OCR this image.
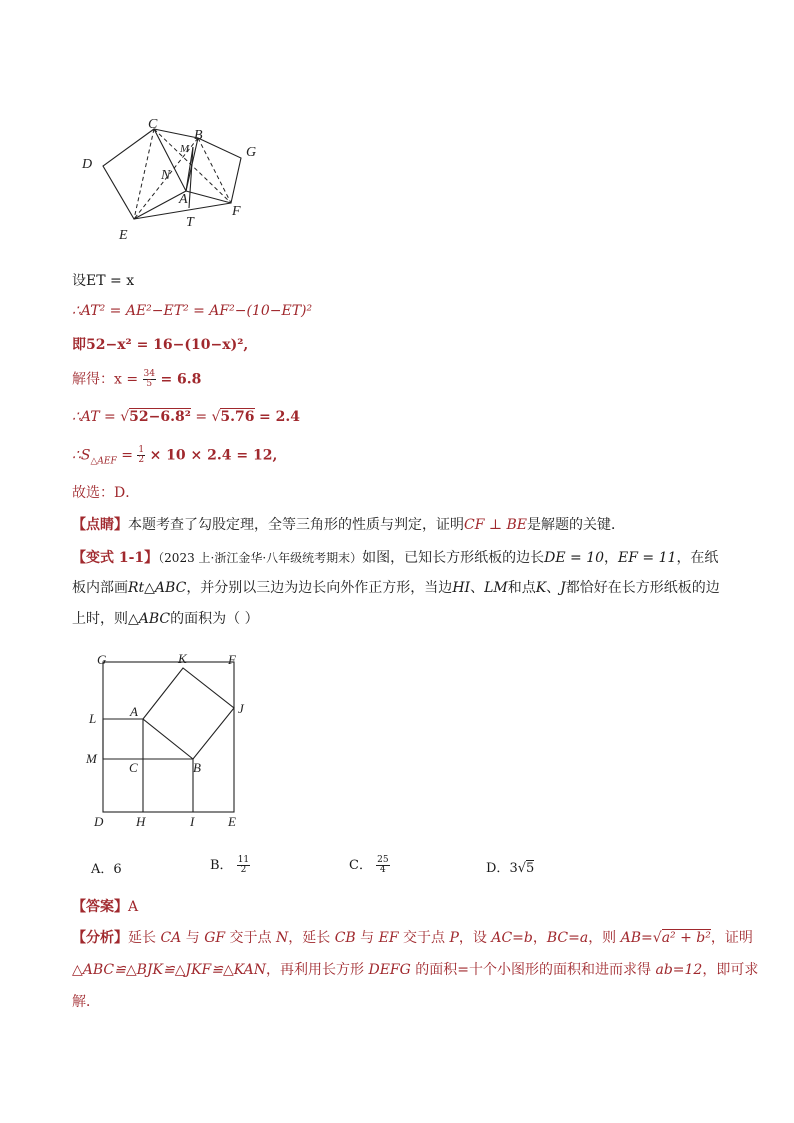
C
B
G
D
M
N
A
F
T
E
设ET = x
∴AT² = AE²−ET² = AF²−(10−ET)²
即52−x² = 16−(10−x)²,
解得：$x = \frac{34}{5} = 6.8$
∴AT = √52−6.8² = √5.76 = 2.4
$\therefore S_{\triangle AEF} = \frac{1}{2} \times 10 \times 2.4 = 12$,
故选：D．
【点睛】本题考查了勾股定理，全等三角形的性质与判定，证明CF ⊥ BE是解题的关键．
【变式 1-1】（2023 上·浙江金华·八年级统考期末）如图，已知长方形纸板的边长DE = 10，EF = 11，在纸
板内部画Rt△ABC，并分别以三边为边长向外作正方形，当边HI、LM和点K、J都恰好在长方形纸板的边
上时，则△ABC的面积为（ ）
G	K	F
L	A	J
M
C	B
D	H	I	E
A．6	B． $\frac{11}{2}$	C． $\frac{25}{4}$	D．3√5
【答案】A
【分析】延长 CA 与 GF 交于点 N，延长 CB 与 EF 交于点 P，设 AC=b，BC=a，则 AB=√a² + b²，证明
△ABC≌△BJK≌△JKF≌△KAN，再利用长方形 DEFG 的面积=十个小图形的面积和进而求得 ab=12，即可求
解．
